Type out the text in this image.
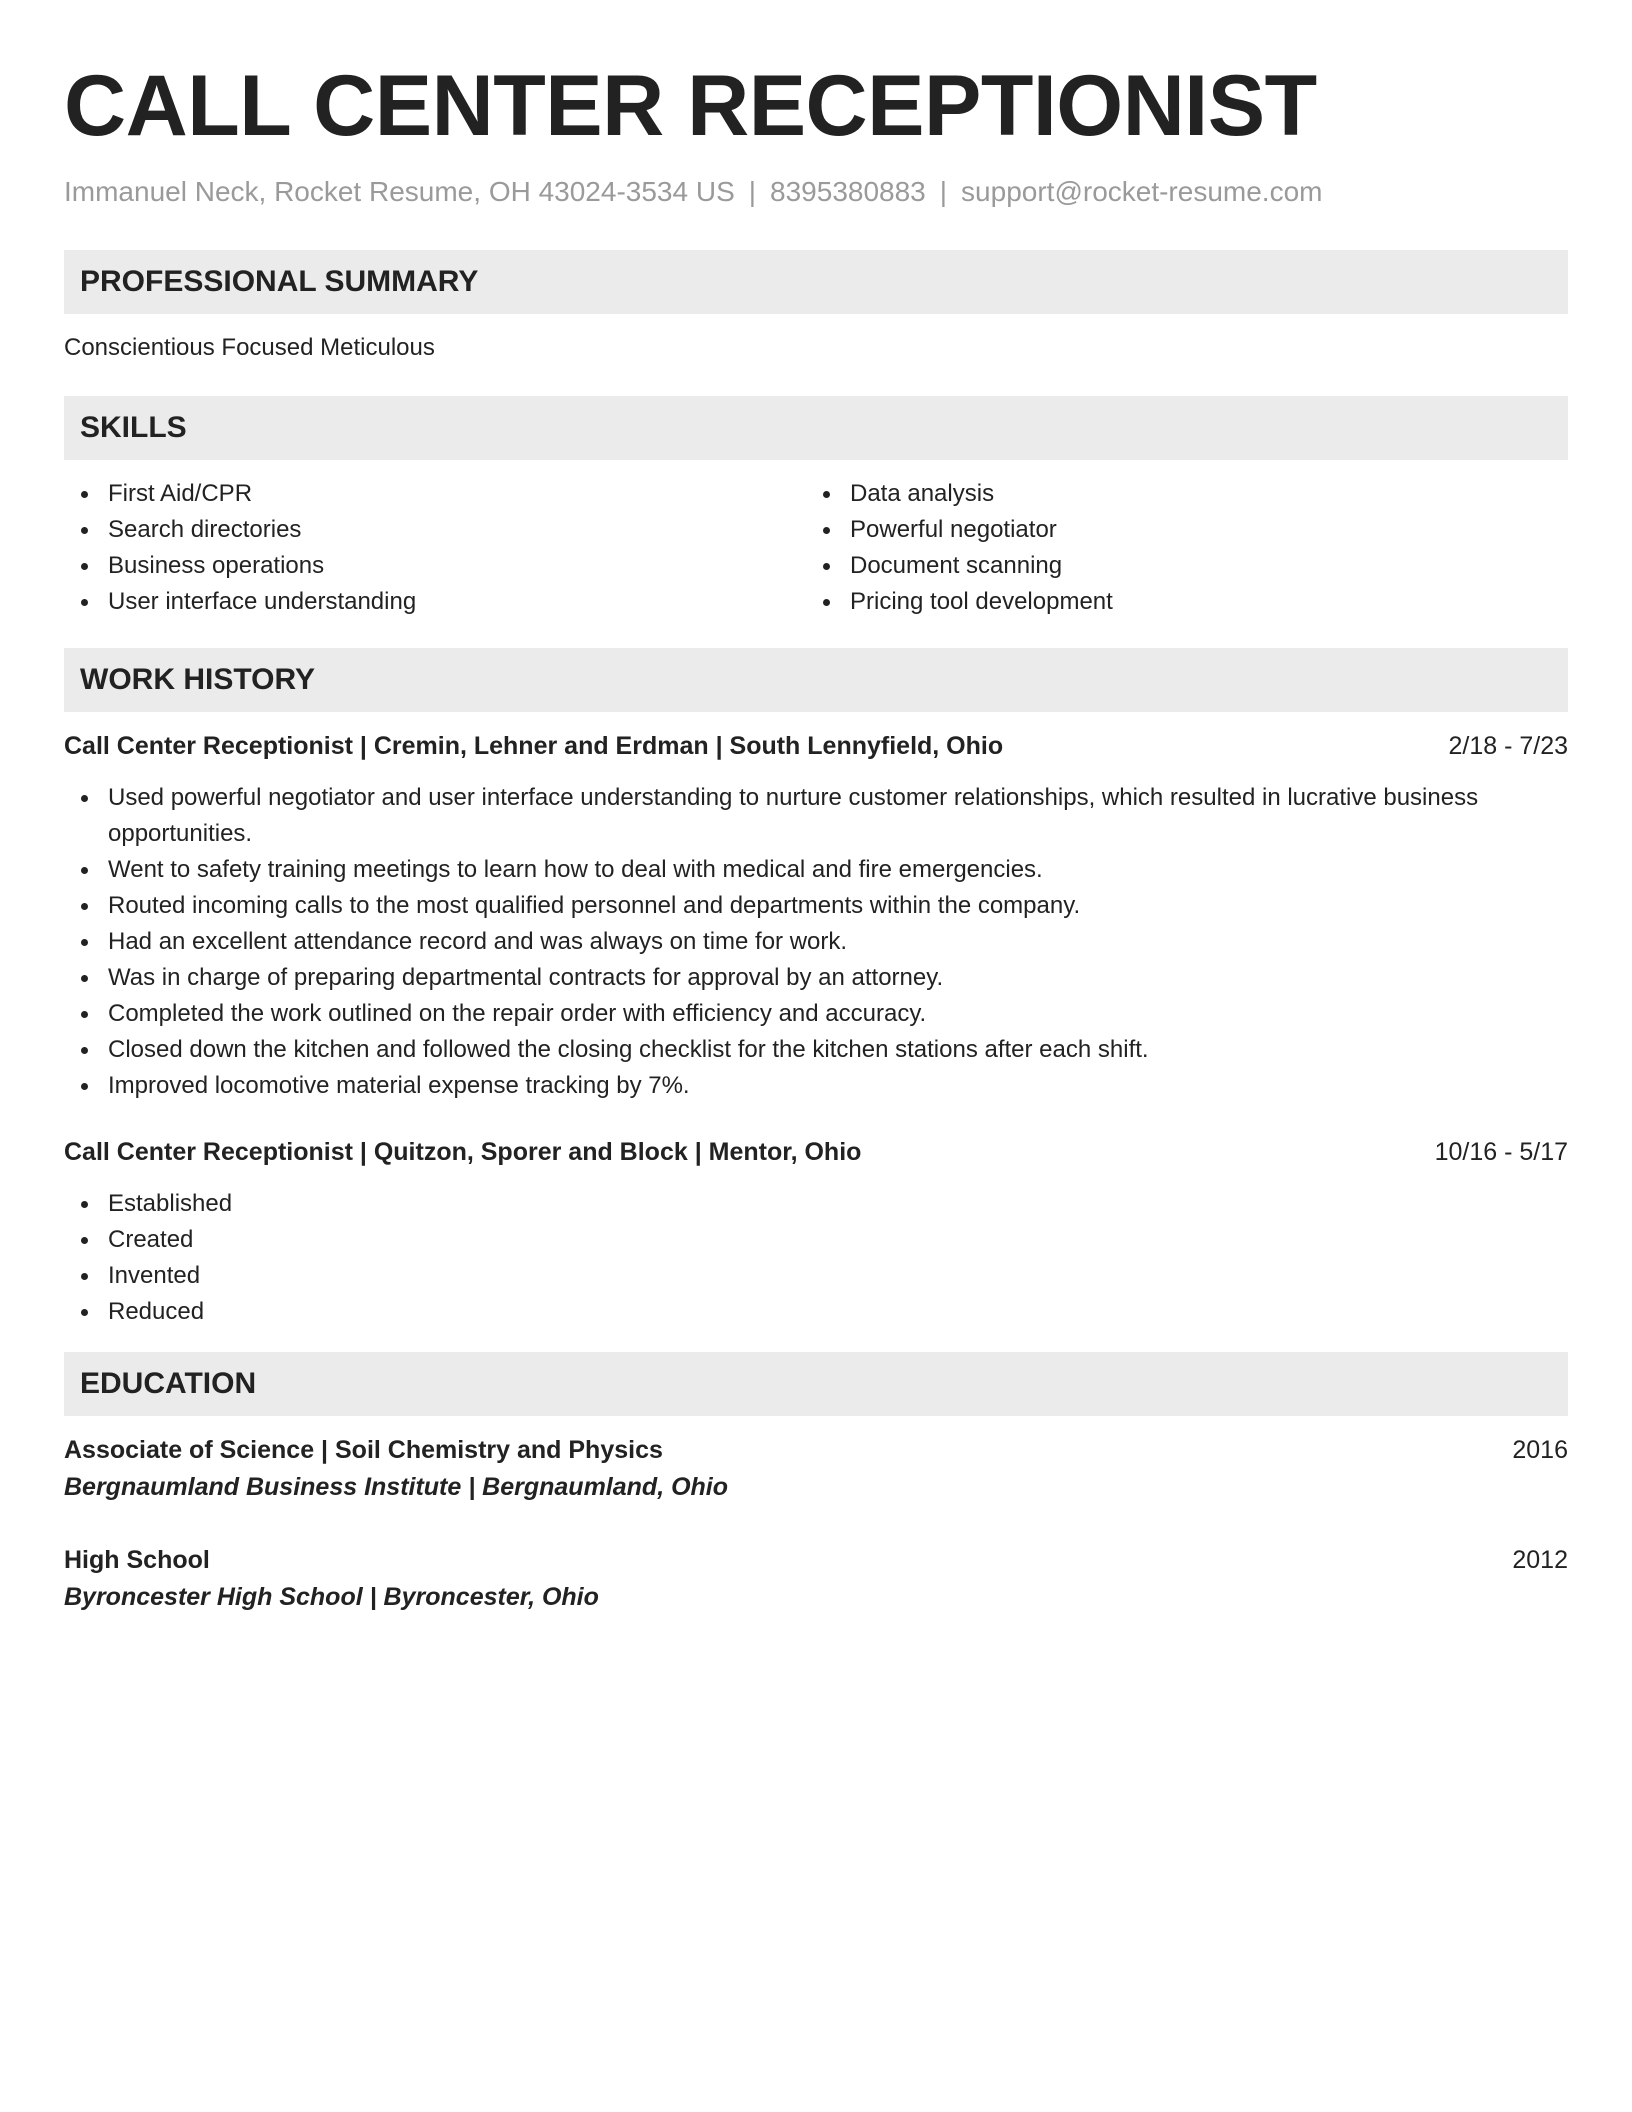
CALL CENTER RECEPTIONIST
Immanuel Neck, Rocket Resume, OH 43024-3534 US | 8395380883 | support@rocket-resume.com
PROFESSIONAL SUMMARY
Conscientious Focused Meticulous
SKILLS
First Aid/CPR
Search directories
Business operations
User interface understanding
Data analysis
Powerful negotiator
Document scanning
Pricing tool development
WORK HISTORY
Call Center Receptionist | Cremin, Lehner and Erdman | South Lennyfield, Ohio	2/18 - 7/23
Used powerful negotiator and user interface understanding to nurture customer relationships, which resulted in lucrative business opportunities.
Went to safety training meetings to learn how to deal with medical and fire emergencies.
Routed incoming calls to the most qualified personnel and departments within the company.
Had an excellent attendance record and was always on time for work.
Was in charge of preparing departmental contracts for approval by an attorney.
Completed the work outlined on the repair order with efficiency and accuracy.
Closed down the kitchen and followed the closing checklist for the kitchen stations after each shift.
Improved locomotive material expense tracking by 7%.
Call Center Receptionist | Quitzon, Sporer and Block | Mentor, Ohio	10/16 - 5/17
Established
Created
Invented
Reduced
EDUCATION
Associate of Science | Soil Chemistry and Physics	2016
Bergnaumland Business Institute | Bergnaumland, Ohio
High School	2012
Byroncester High School | Byroncester, Ohio
